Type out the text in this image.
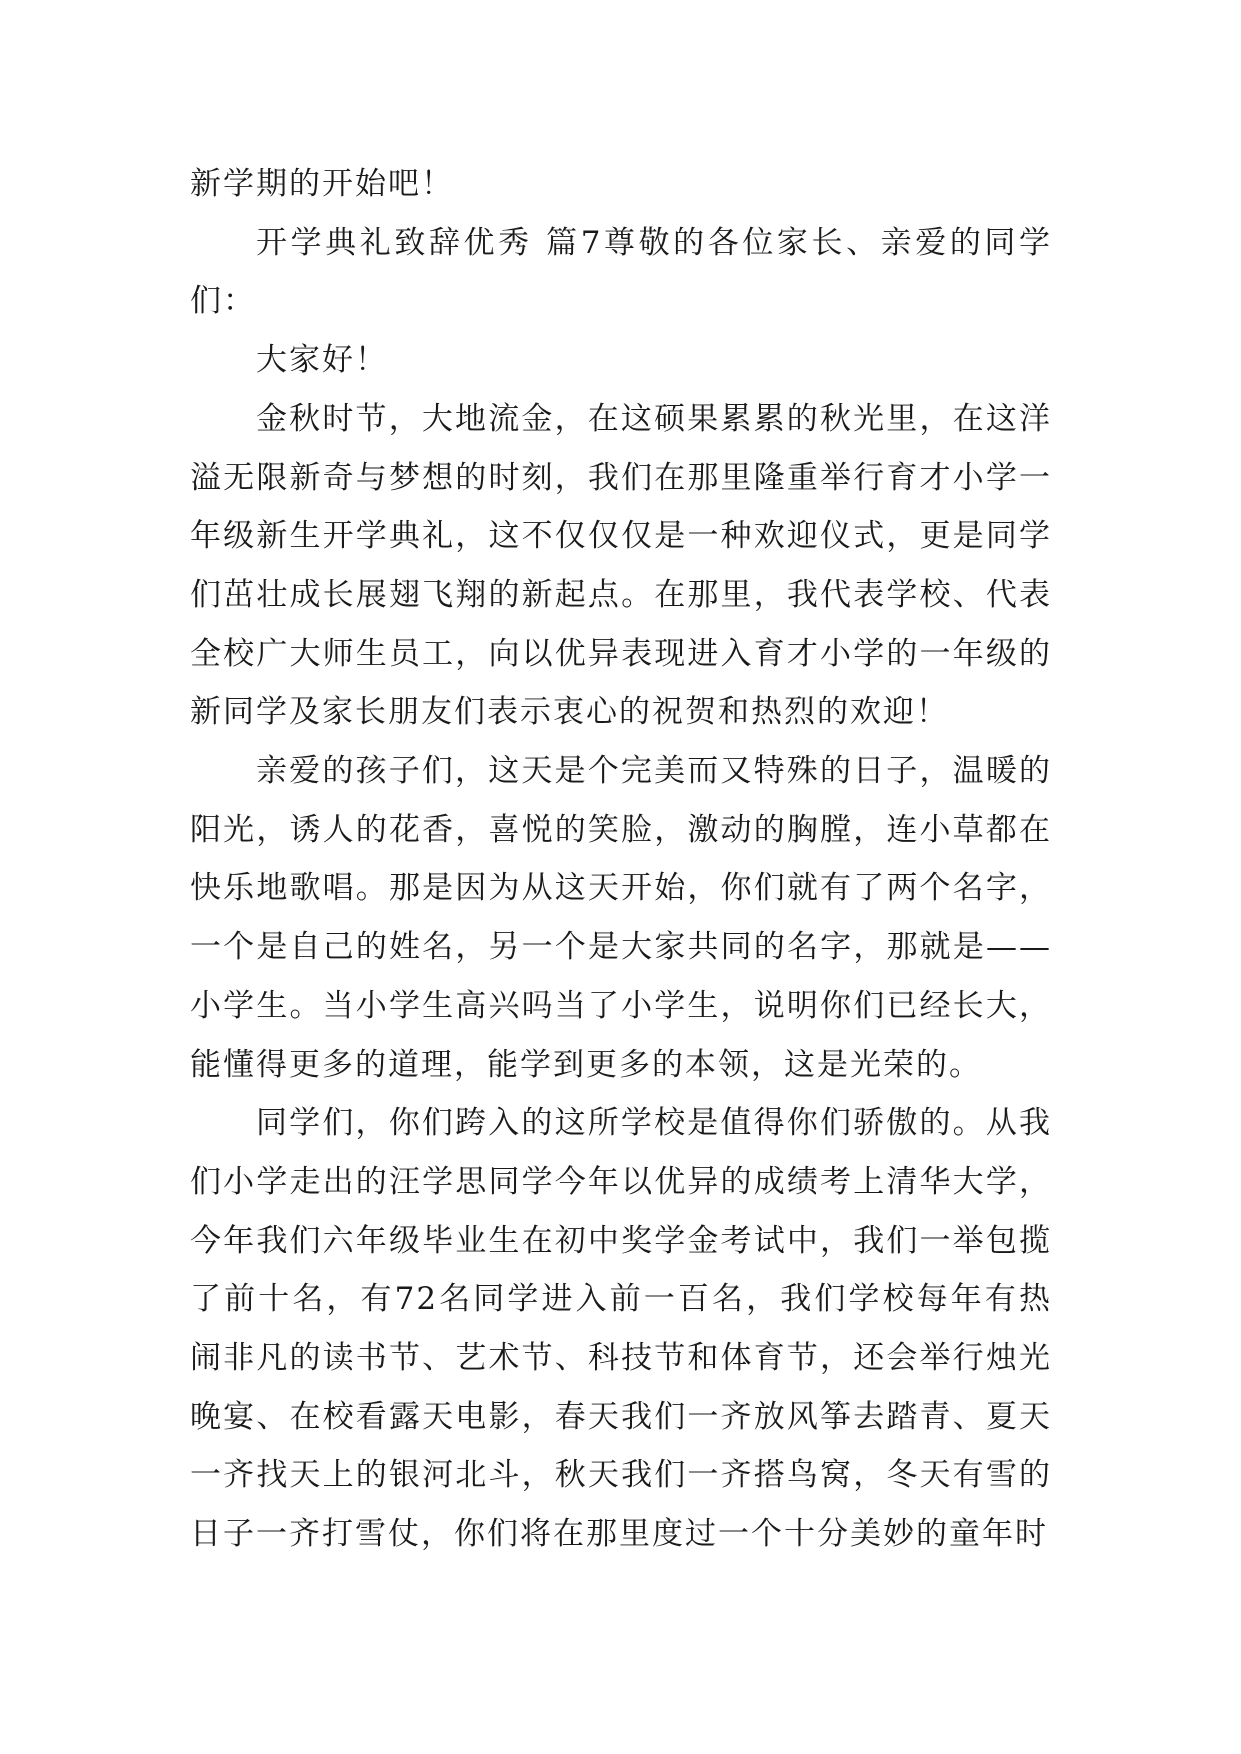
新学期的开始吧！

开学典礼致辞优秀 篇7尊敬的各位家长、亲爱的同学们：

大家好！

金秋时节，大地流金，在这硕果累累的秋光里，在这洋溢无限新奇与梦想的时刻，我们在那里隆重举行育才小学一年级新生开学典礼，这不仅仅仅是一种欢迎仪式，更是同学们茁壮成长展翅飞翔的新起点。在那里，我代表学校、代表全校广大师生员工，向以优异表现进入育才小学的一年级的新同学及家长朋友们表示衷心的祝贺和热烈的欢迎！

亲爱的孩子们，这天是个完美而又特殊的日子，温暖的阳光，诱人的花香，喜悦的笑脸，激动的胸膛，连小草都在快乐地歌唱。那是因为从这天开始，你们就有了两个名字，一个是自己的姓名，另一个是大家共同的名字，那就是——小学生。当小学生高兴吗当了小学生，说明你们已经长大，能懂得更多的道理，能学到更多的本领，这是光荣的。

同学们，你们跨入的这所学校是值得你们骄傲的。从我们小学走出的汪学思同学今年以优异的成绩考上清华大学，今年我们六年级毕业生在初中奖学金考试中，我们一举包揽了前十名，有72名同学进入前一百名，我们学校每年有热闹非凡的读书节、艺术节、科技节和体育节，还会举行烛光晚宴、在校看露天电影，春天我们一齐放风筝去踏青、夏天一齐找天上的银河北斗，秋天我们一齐搭鸟窝，冬天有雪的日子一齐打雪仗，你们将在那里度过一个十分美妙的童年时
